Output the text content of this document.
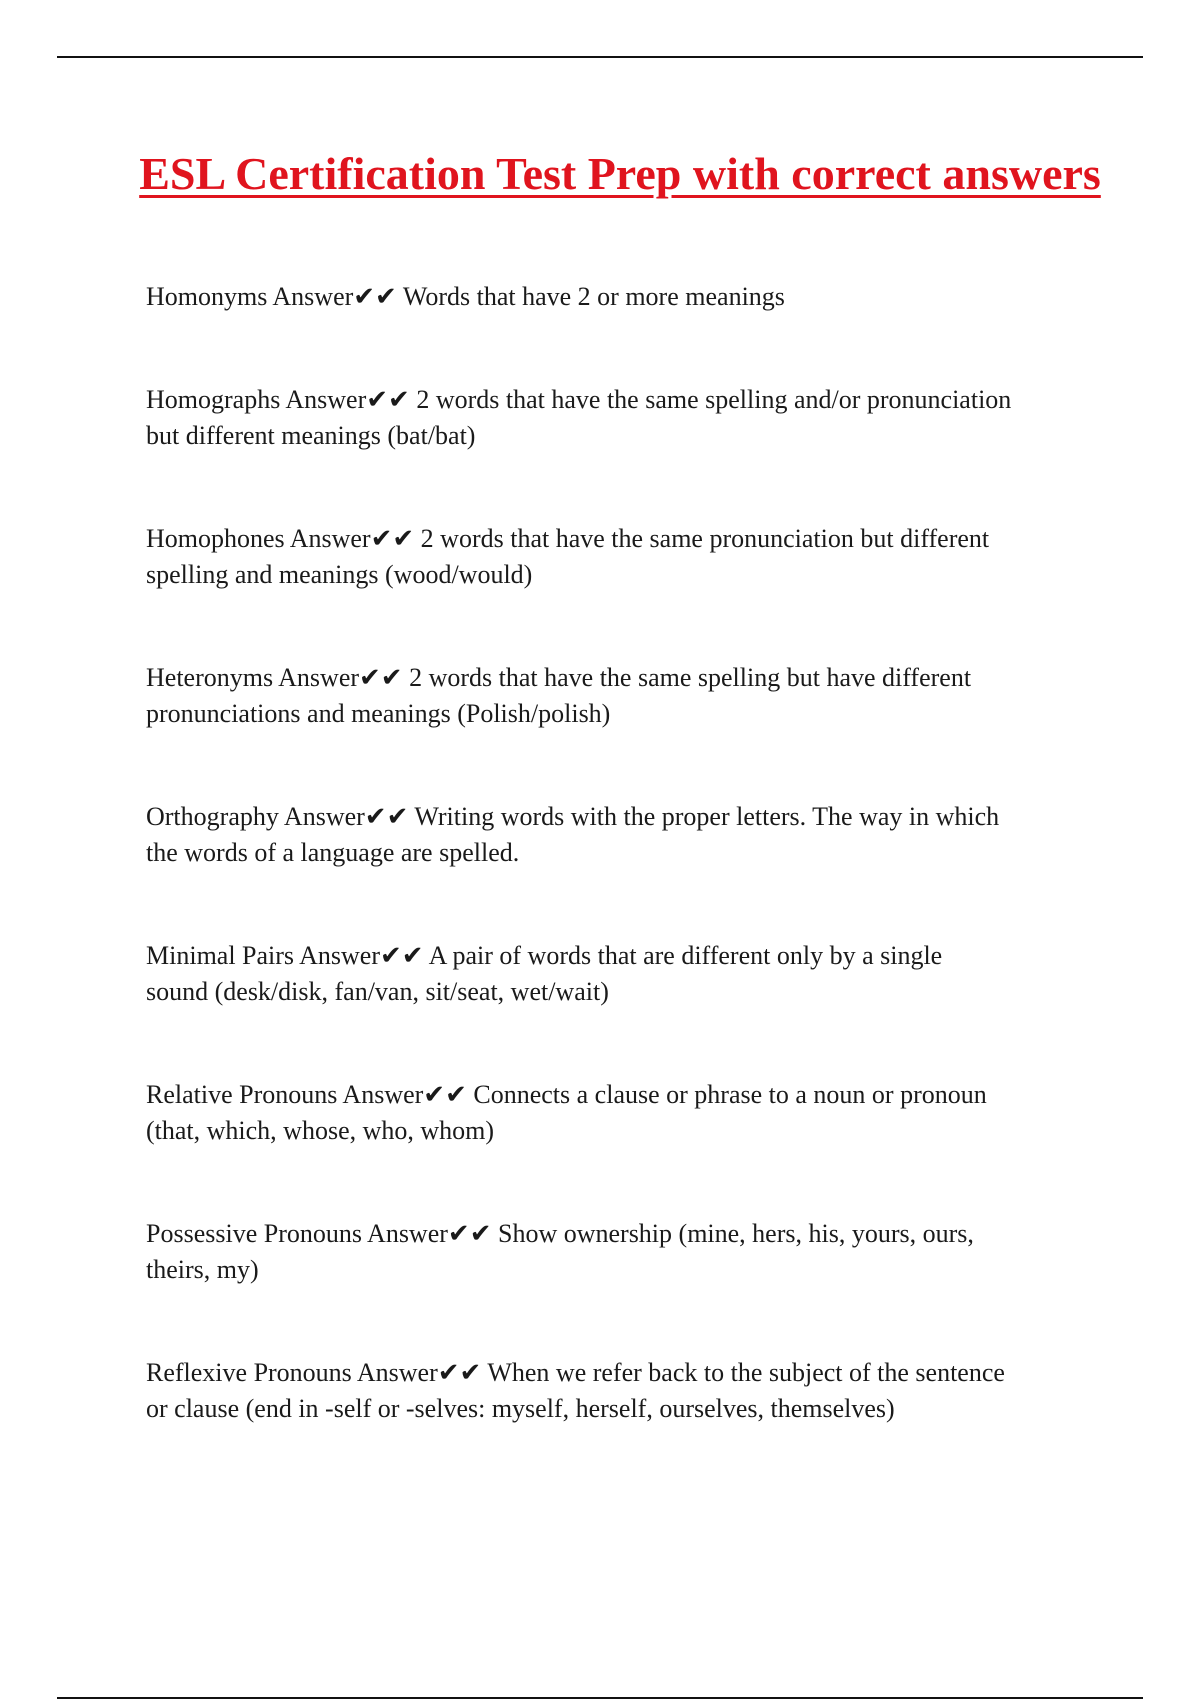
ESL Certification Test Prep with correct answers

Homonyms Answer✔✔ Words that have 2 or more meanings

Homographs Answer✔✔ 2 words that have the same spelling and/or pronunciation
but different meanings (bat/bat)

Homophones Answer✔✔ 2 words that have the same pronunciation but different
spelling and meanings (wood/would)

Heteronyms Answer✔✔ 2 words that have the same spelling but have different
pronunciations and meanings (Polish/polish)

Orthography Answer✔✔ Writing words with the proper letters. The way in which
the words of a language are spelled.

Minimal Pairs Answer✔✔ A pair of words that are different only by a single
sound (desk/disk, fan/van, sit/seat, wet/wait)

Relative Pronouns Answer✔✔ Connects a clause or phrase to a noun or pronoun
(that, which, whose, who, whom)

Possessive Pronouns Answer✔✔ Show ownership (mine, hers, his, yours, ours,
theirs, my)

Reflexive Pronouns Answer✔✔ When we refer back to the subject of the sentence
or clause (end in -self or -selves: myself, herself, ourselves, themselves)
